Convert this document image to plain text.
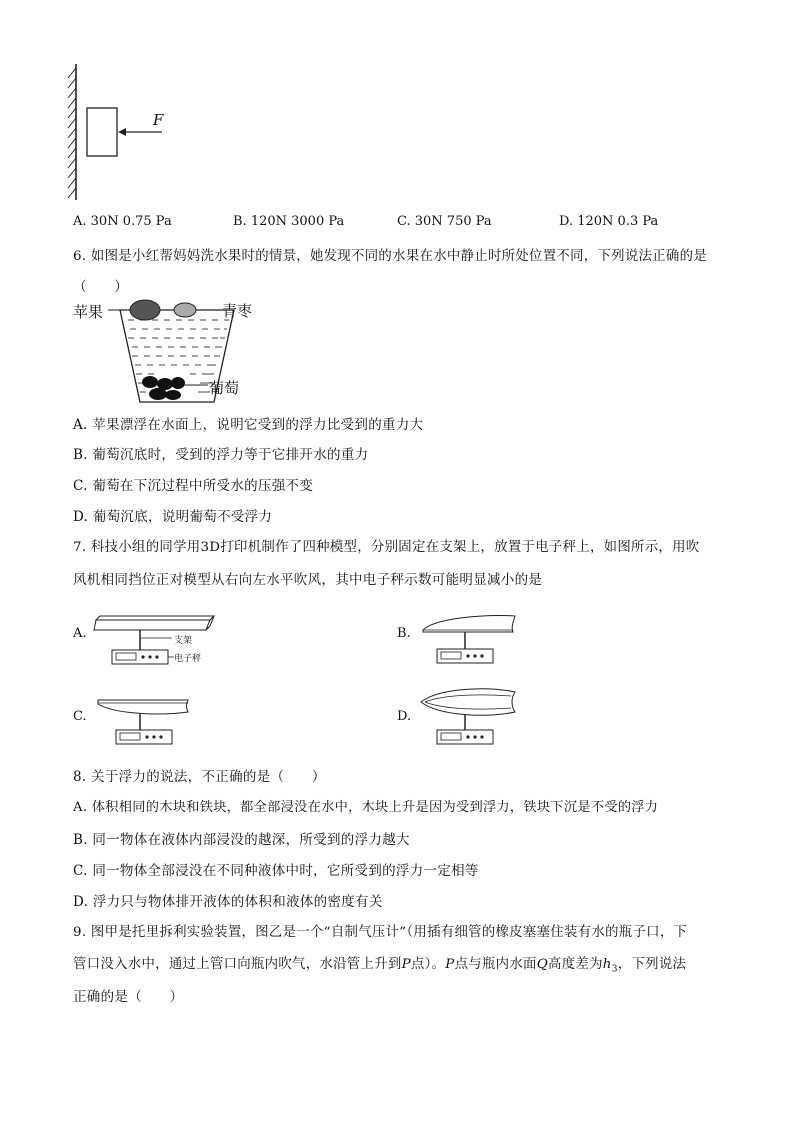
F
A. 30N 0.75 Pa	B. 120N 3000 Pa	C. 30N 750 Pa	D. 120N 0.3 Pa
6. 如图是小红帮妈妈洗水果时的情景，她发现不同的水果在水中静止时所处位置不同，下列说法正确的是
（　　）
苹果	青枣
葡萄
A. 苹果漂浮在水面上，说明它受到的浮力比受到的重力大
B. 葡萄沉底时，受到的浮力等于它排开水的重力
C. 葡萄在下沉过程中所受水的压强不变
D. 葡萄沉底，说明葡萄不受浮力
7. 科技小组的同学用3D打印机制作了四种模型，分别固定在支架上，放置于电子秤上，如图所示，用吹
风机相同挡位正对模型从右向左水平吹风，其中电子秤示数可能明显减小的是
A.	支架
电子秤
B.
C.	D.
8. 关于浮力的说法，不正确的是（　　）
A. 体积相同的木块和铁块，都全部浸没在水中，木块上升是因为受到浮力，铁块下沉是不受的浮力
B. 同一物体在液体内部浸没的越深，所受到的浮力越大
C. 同一物体全部浸没在不同种液体中时，它所受到的浮力一定相等
D. 浮力只与物体排开液体的体积和液体的密度有关
9. 图甲是托里拆利实验装置，图乙是一个“自制气压计”（用插有细管的橡皮塞塞住装有水的瓶子口，下
管口没入水中，通过上管口向瓶内吹气，水沿管上升到P点）。P点与瓶内水面Q高度差为$h_3$，下列说法
正确的是（　　）
